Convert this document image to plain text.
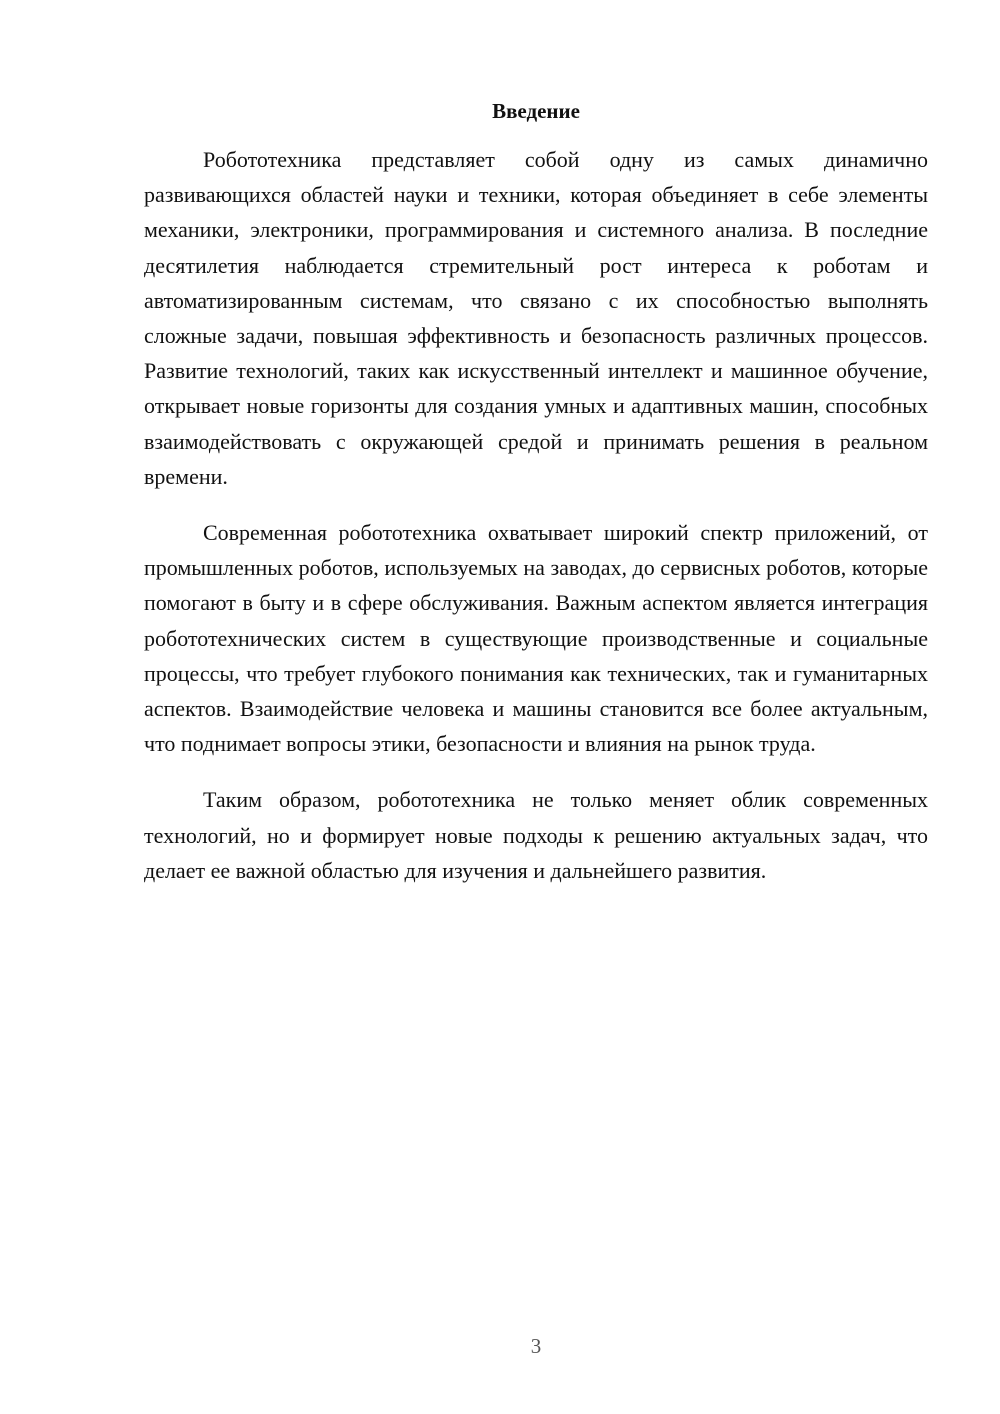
Введение

Робототехника представляет собой одну из самых динамично развивающихся областей науки и техники, которая объединяет в себе элементы механики, электроники, программирования и системного анализа. В последние десятилетия наблюдается стремительный рост интереса к роботам и автоматизированным системам, что связано с их способностью выполнять сложные задачи, повышая эффективность и безопасность различных процессов. Развитие технологий, таких как искусственный интеллект и машинное обучение, открывает новые горизонты для создания умных и адаптивных машин, способных взаимодействовать с окружающей средой и принимать решения в реальном времени.

Современная робототехника охватывает широкий спектр приложений, от промышленных роботов, используемых на заводах, до сервисных роботов, которые помогают в быту и в сфере обслуживания. Важным аспектом является интеграция робототехнических систем в существующие производственные и социальные процессы, что требует глубокого понимания как технических, так и гуманитарных аспектов. Взаимодействие человека и машины становится все более актуальным, что поднимает вопросы этики, безопасности и влияния на рынок труда.

Таким образом, робототехника не только меняет облик современных технологий, но и формирует новые подходы к решению актуальных задач, что делает ее важной областью для изучения и дальнейшего развития.

3
